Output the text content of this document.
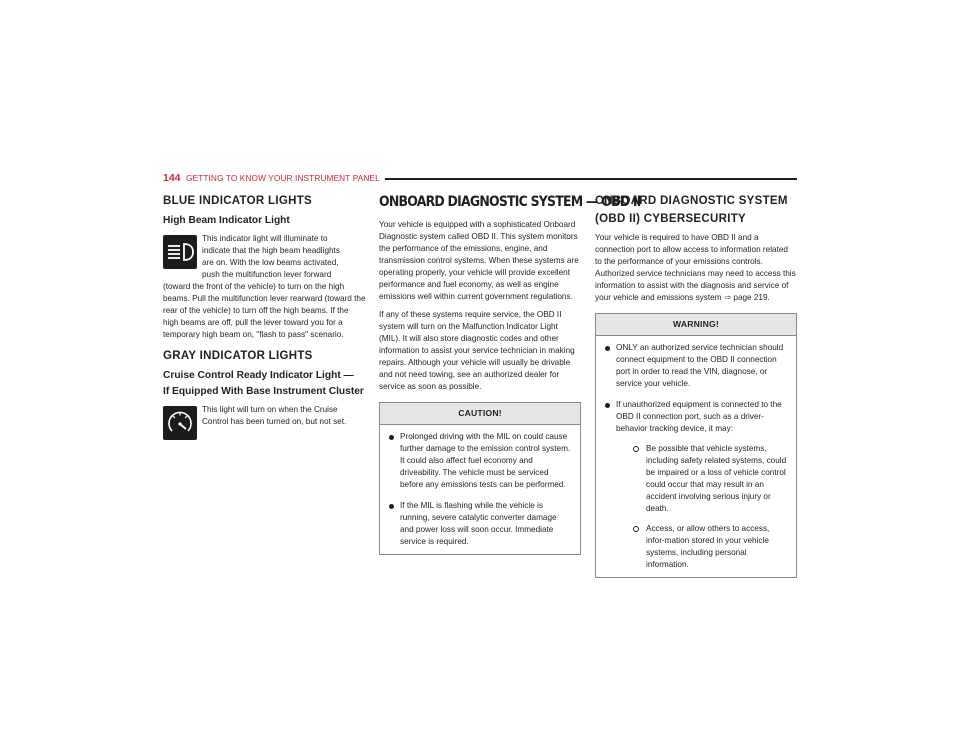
144 GETTING TO KNOW YOUR INSTRUMENT PANEL
BLUE INDICATOR LIGHTS
High Beam Indicator Light
This indicator light will illuminate to
indicate that the high beam headlights
are on. With the low beams activated,
push the multifunction lever forward

(toward the front of the vehicle) to turn on the high beams. Pull the multifunction lever rearward (toward the rear of the vehicle) to turn off the high beams. If the high beams are off, pull the lever toward you for a temporary high beam on, "flash to pass" scenario.

GRAY INDICATOR LIGHTS
Cruise Control Ready Indicator Light —
If Equipped With Base Instrument Cluster
This light will turn on when the Cruise Control has been turned on, but not set.
ONBOARD DIAGNOSTIC SYSTEM — OBD II

Your vehicle is equipped with a sophisticated Onboard Diagnostic system called OBD II. This system monitors the performance of the emissions, engine, and transmission control systems. When these systems are operating properly, your vehicle will provide excellent performance and fuel economy, as well as engine emissions well within current government regulations.

If any of these systems require service, the OBD II system will turn on the Malfunction Indicator Light (MIL). It will also store diagnostic codes and other information to assist your service technician in making repairs. Although your vehicle will usually be drivable and not need towing, see an authorized dealer for service as soon as possible.

CAUTION!
Prolonged driving with the MIL on could cause further damage to the emission control system. It could also affect fuel economy and driveability. The vehicle must be serviced before any emissions tests can be performed.
If the MIL is flashing while the vehicle is running, severe catalytic converter damage and power loss will soon occur. Immediate service is required.
ONBOARD DIAGNOSTIC SYSTEM
(OBD II) CYBERSECURITY

Your vehicle is required to have OBD II and a connection port to allow access to information related to the performance of your emissions controls. Authorized service technicians may need to access this information to assist with the diagnosis and service of your vehicle and emissions system ⇨ page 219.

WARNING!
ONLY an authorized service technician should connect equipment to the OBD II connection port in order to read the VIN, diagnose, or service your vehicle.
If unauthorized equipment is connected to the OBD II connection port, such as a driver-behavior tracking device, it may:
Be possible that vehicle systems, including safety related systems, could be impaired or a loss of vehicle control could occur that may result in an accident involving serious injury or death.
Access, or allow others to access, infor-mation stored in your vehicle systems, including personal information.
